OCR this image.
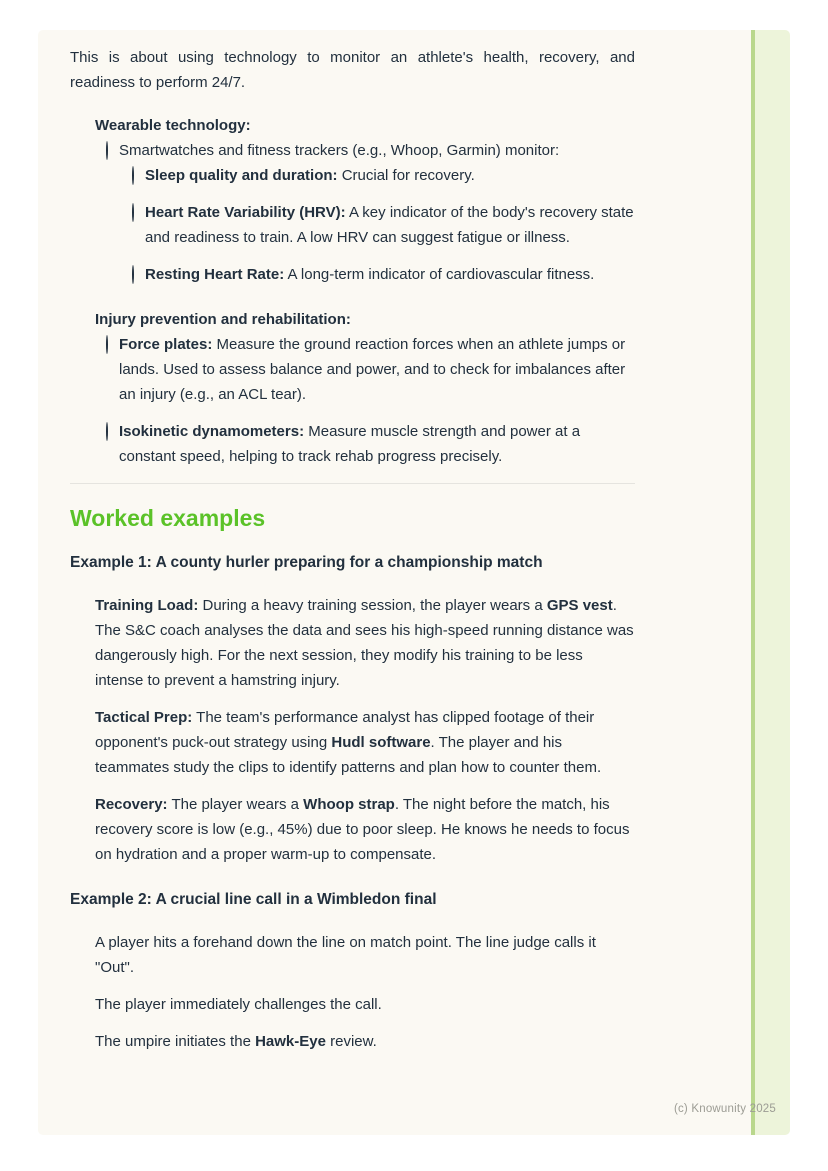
This is about using technology to monitor an athlete's health, recovery, and readiness to perform 24/7.

Wearable technology:
Smartwatches and fitness trackers (e.g., Whoop, Garmin) monitor:
Sleep quality and duration: Crucial for recovery.
Heart Rate Variability (HRV): A key indicator of the body's recovery state and readiness to train. A low HRV can suggest fatigue or illness.
Resting Heart Rate: A long-term indicator of cardiovascular fitness.
Injury prevention and rehabilitation:
Force plates: Measure the ground reaction forces when an athlete jumps or lands. Used to assess balance and power, and to check for imbalances after an injury (e.g., an ACL tear).
Isokinetic dynamometers: Measure muscle strength and power at a constant speed, helping to track rehab progress precisely.
Worked examples

Example 1: A county hurler preparing for a championship match

Training Load: During a heavy training session, the player wears a GPS vest. The S&C coach analyses the data and sees his high-speed running distance was dangerously high. For the next session, they modify his training to be less intense to prevent a hamstring injury.
Tactical Prep: The team's performance analyst has clipped footage of their opponent's puck-out strategy using Hudl software. The player and his teammates study the clips to identify patterns and plan how to counter them.
Recovery: The player wears a Whoop strap. The night before the match, his recovery score is low (e.g., 45%) due to poor sleep. He knows he needs to focus on hydration and a proper warm-up to compensate.

Example 2: A crucial line call in a Wimbledon final

A player hits a forehand down the line on match point. The line judge calls it "Out".
The player immediately challenges the call.
The umpire initiates the Hawk-Eye review.
(c) Knowunity 2025
